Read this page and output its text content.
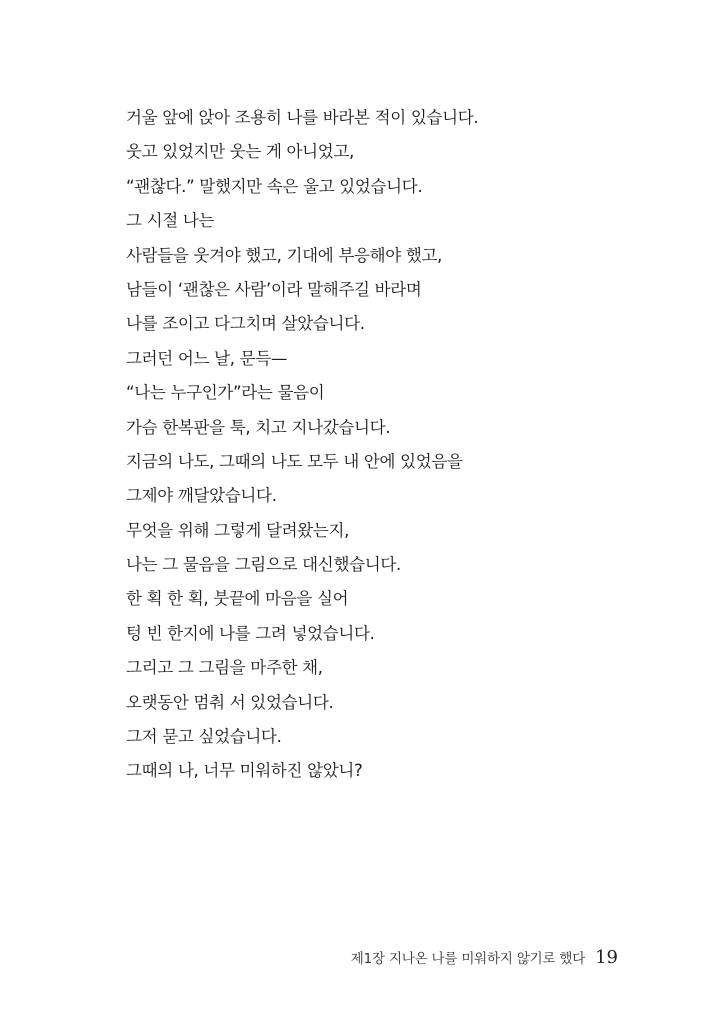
거울 앞에 앉아 조용히 나를 바라본 적이 있습니다.
웃고 있었지만 웃는 게 아니었고,
“괜찮다.” 말했지만 속은 울고 있었습니다.
그 시절 나는
사람들을 웃겨야 했고, 기대에 부응해야 했고,
남들이 ‘괜찮은 사람’이라 말해주길 바라며
나를 조이고 다그치며 살았습니다.
그러던 어느 날, 문득—
“나는 누구인가”라는 물음이
가슴 한복판을 툭, 치고 지나갔습니다.
지금의 나도, 그때의 나도 모두 내 안에 있었음을
그제야 깨달았습니다.
무엇을 위해 그렇게 달려왔는지,
나는 그 물음을 그림으로 대신했습니다.
한 획 한 획, 붓끝에 마음을 실어
텅 빈 한지에 나를 그려 넣었습니다.
그리고 그 그림을 마주한 채,
오랫동안 멈춰 서 있었습니다.
그저 묻고 싶었습니다.
그때의 나, 너무 미워하진 않았니?
제1장 지나온 나를 미워하지 않기로 했다 19
